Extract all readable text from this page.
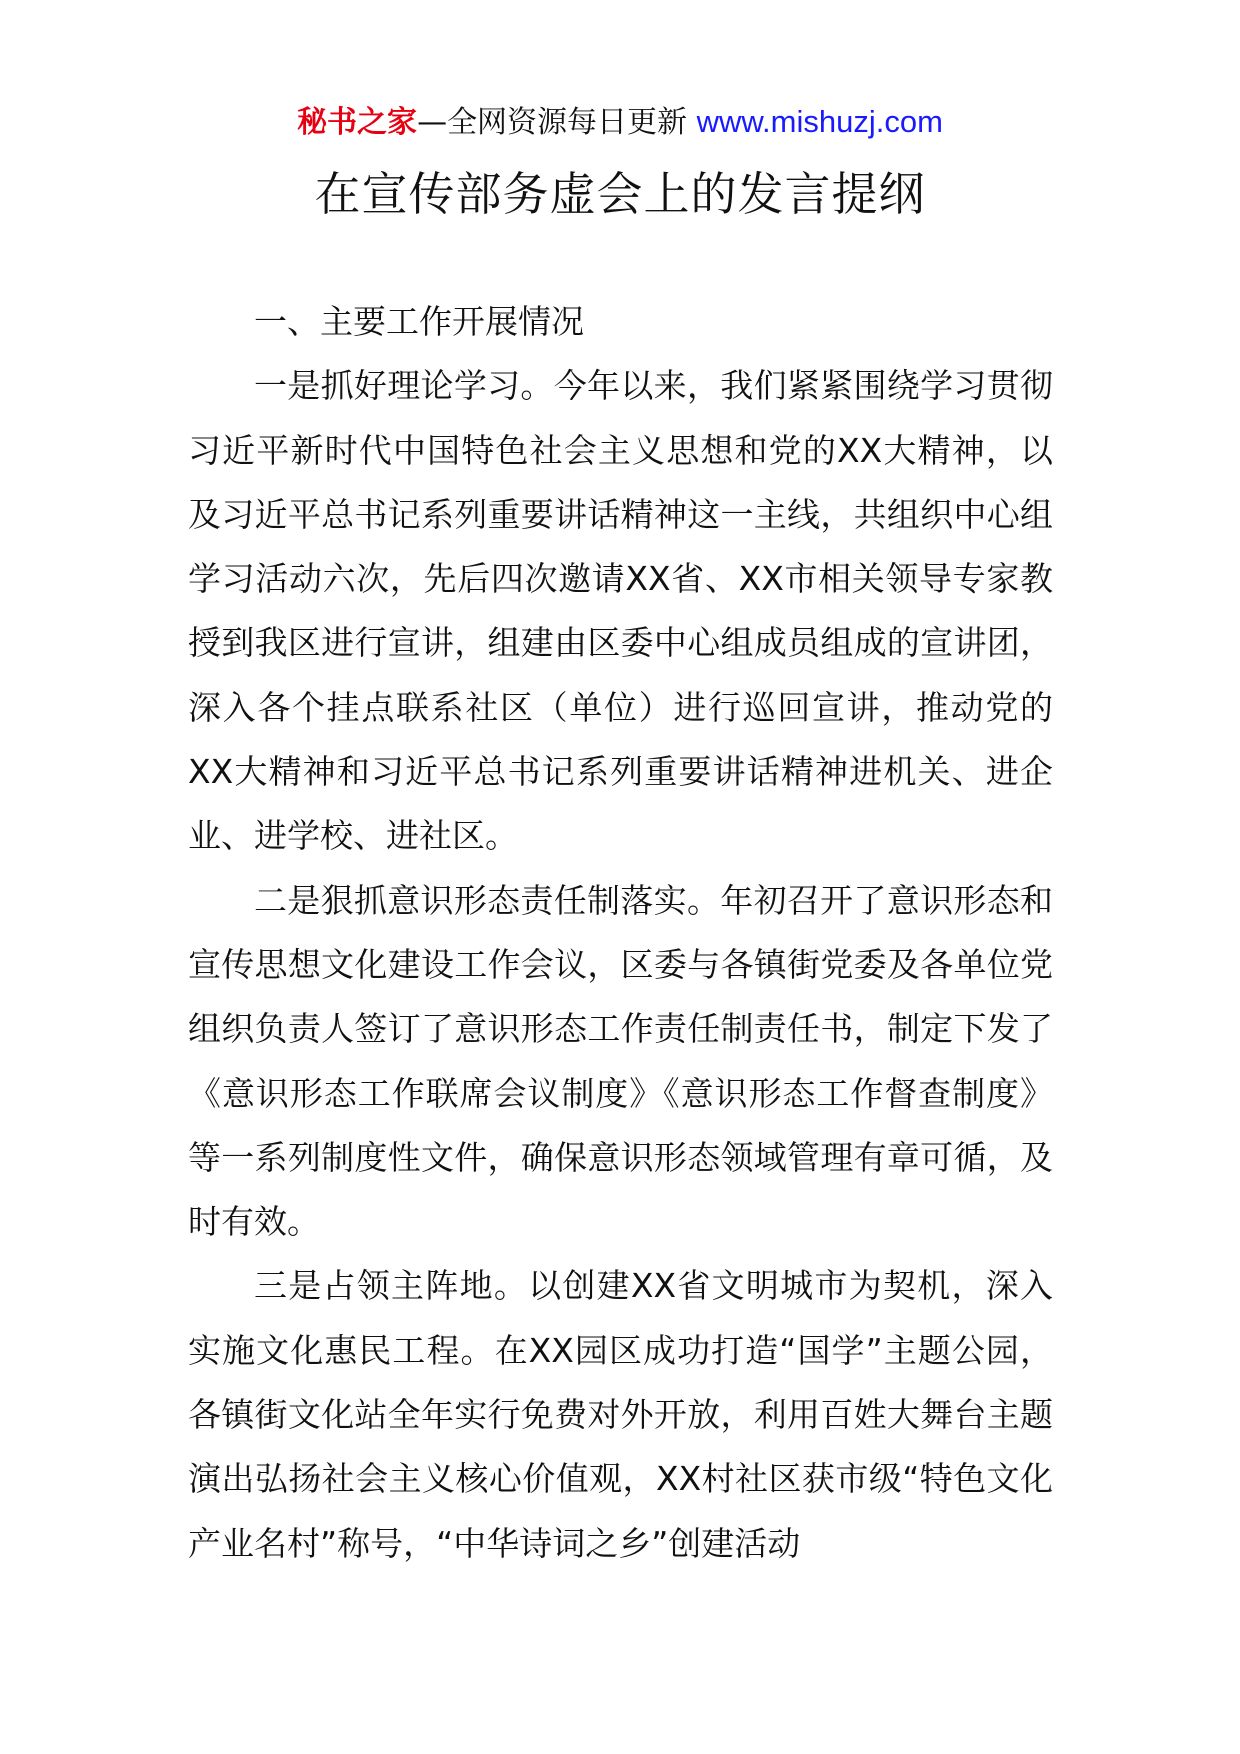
秘书之家—全网资源每日更新 www.mishuzj.com
在宣传部务虚会上的发言提纲

一、主要工作开展情况

一是抓好理论学习。今年以来，我们紧紧围绕学习贯彻习近平新时代中国特色社会主义思想和党的XX大精神，以及习近平总书记系列重要讲话精神这一主线，共组织中心组学习活动六次，先后四次邀请XX省、XX市相关领导专家教授到我区进行宣讲，组建由区委中心组成员组成的宣讲团，深入各个挂点联系社区（单位）进行巡回宣讲，推动党的XX大精神和习近平总书记系列重要讲话精神进机关、进企业、进学校、进社区。

二是狠抓意识形态责任制落实。年初召开了意识形态和宣传思想文化建设工作会议，区委与各镇街党委及各单位党组织负责人签订了意识形态工作责任制责任书，制定下发了《意识形态工作联席会议制度》《意识形态工作督查制度》等一系列制度性文件，确保意识形态领域管理有章可循，及时有效。

三是占领主阵地。以创建XX省文明城市为契机，深入实施文化惠民工程。在XX园区成功打造“国学”主题公园，各镇街文化站全年实行免费对外开放，利用百姓大舞台主题演出弘扬社会主义核心价值观，XX村社区获市级“特色文化产业名村”称号，“中华诗词之乡”创建活动
